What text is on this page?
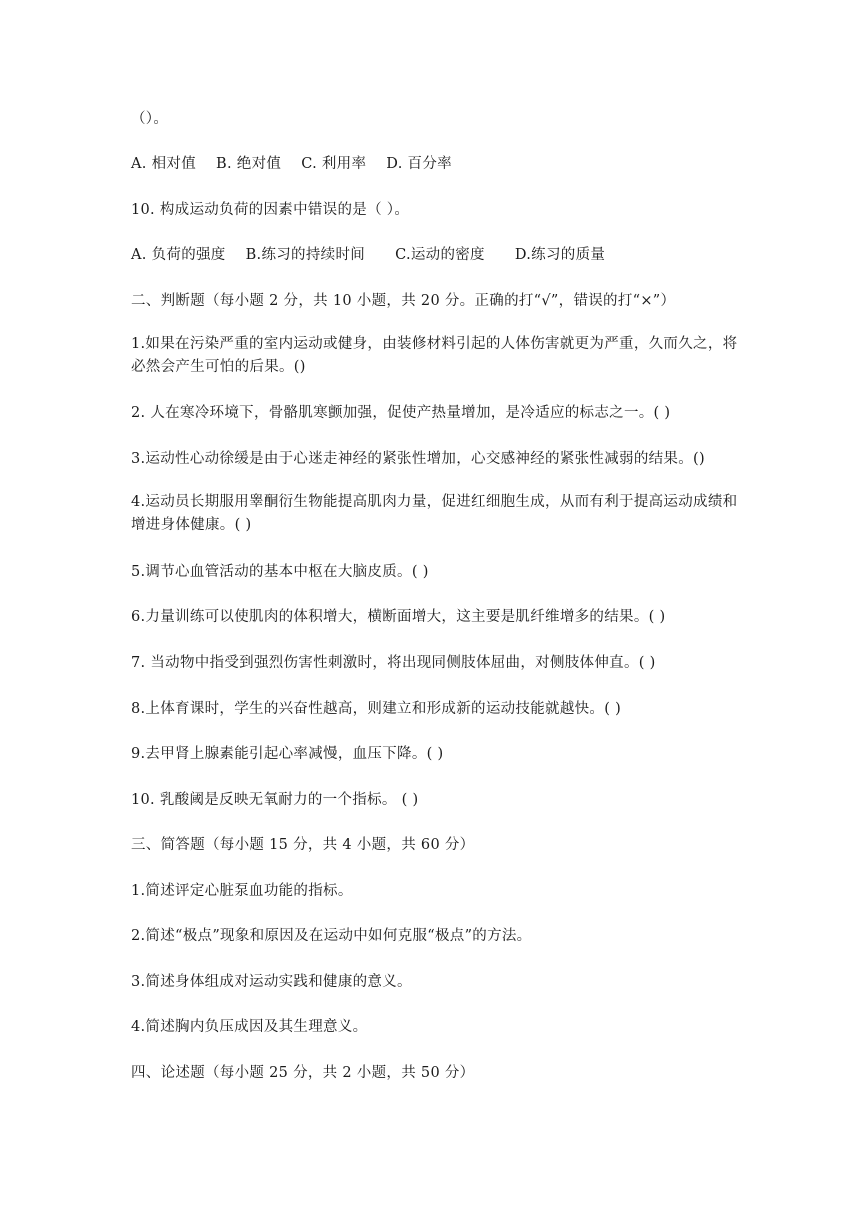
（）。
A. 相对值 B. 绝对值 C. 利用率 D. 百分率
10. 构成运动负荷的因素中错误的是（ ）。
A. 负荷的强度 B.练习的持续时间 C.运动的密度 D.练习的质量
二、判断题（每小题 2 分，共 10 小题，共 20 分。正确的打“√”，错误的打“×”）
1.如果在污染严重的室内运动或健身，由装修材料引起的人体伤害就更为严重，久而久之，将必然会产生可怕的后果。()
2. 人在寒冷环境下，骨骼肌寒颤加强，促使产热量增加，是冷适应的标志之一。( )
3.运动性心动徐缓是由于心迷走神经的紧张性增加，心交感神经的紧张性减弱的结果。()
4.运动员长期服用睾酮衍生物能提高肌肉力量，促进红细胞生成，从而有利于提高运动成绩和增进身体健康。( )
5.调节心血管活动的基本中枢在大脑皮质。( )
6.力量训练可以使肌肉的体积增大，横断面增大，这主要是肌纤维增多的结果。( )
7. 当动物中指受到强烈伤害性刺激时，将出现同侧肢体屈曲，对侧肢体伸直。( )
8.上体育课时，学生的兴奋性越高，则建立和形成新的运动技能就越快。( )
9.去甲肾上腺素能引起心率减慢，血压下降。( )
10. 乳酸阈是反映无氧耐力的一个指标。 ( )
三、简答题（每小题 15 分，共 4 小题，共 60 分）
1.简述评定心脏泵血功能的指标。
2.简述“极点”现象和原因及在运动中如何克服“极点”的方法。
3.简述身体组成对运动实践和健康的意义。
4.简述胸内负压成因及其生理意义。
四、论述题（每小题 25 分，共 2 小题，共 50 分）
